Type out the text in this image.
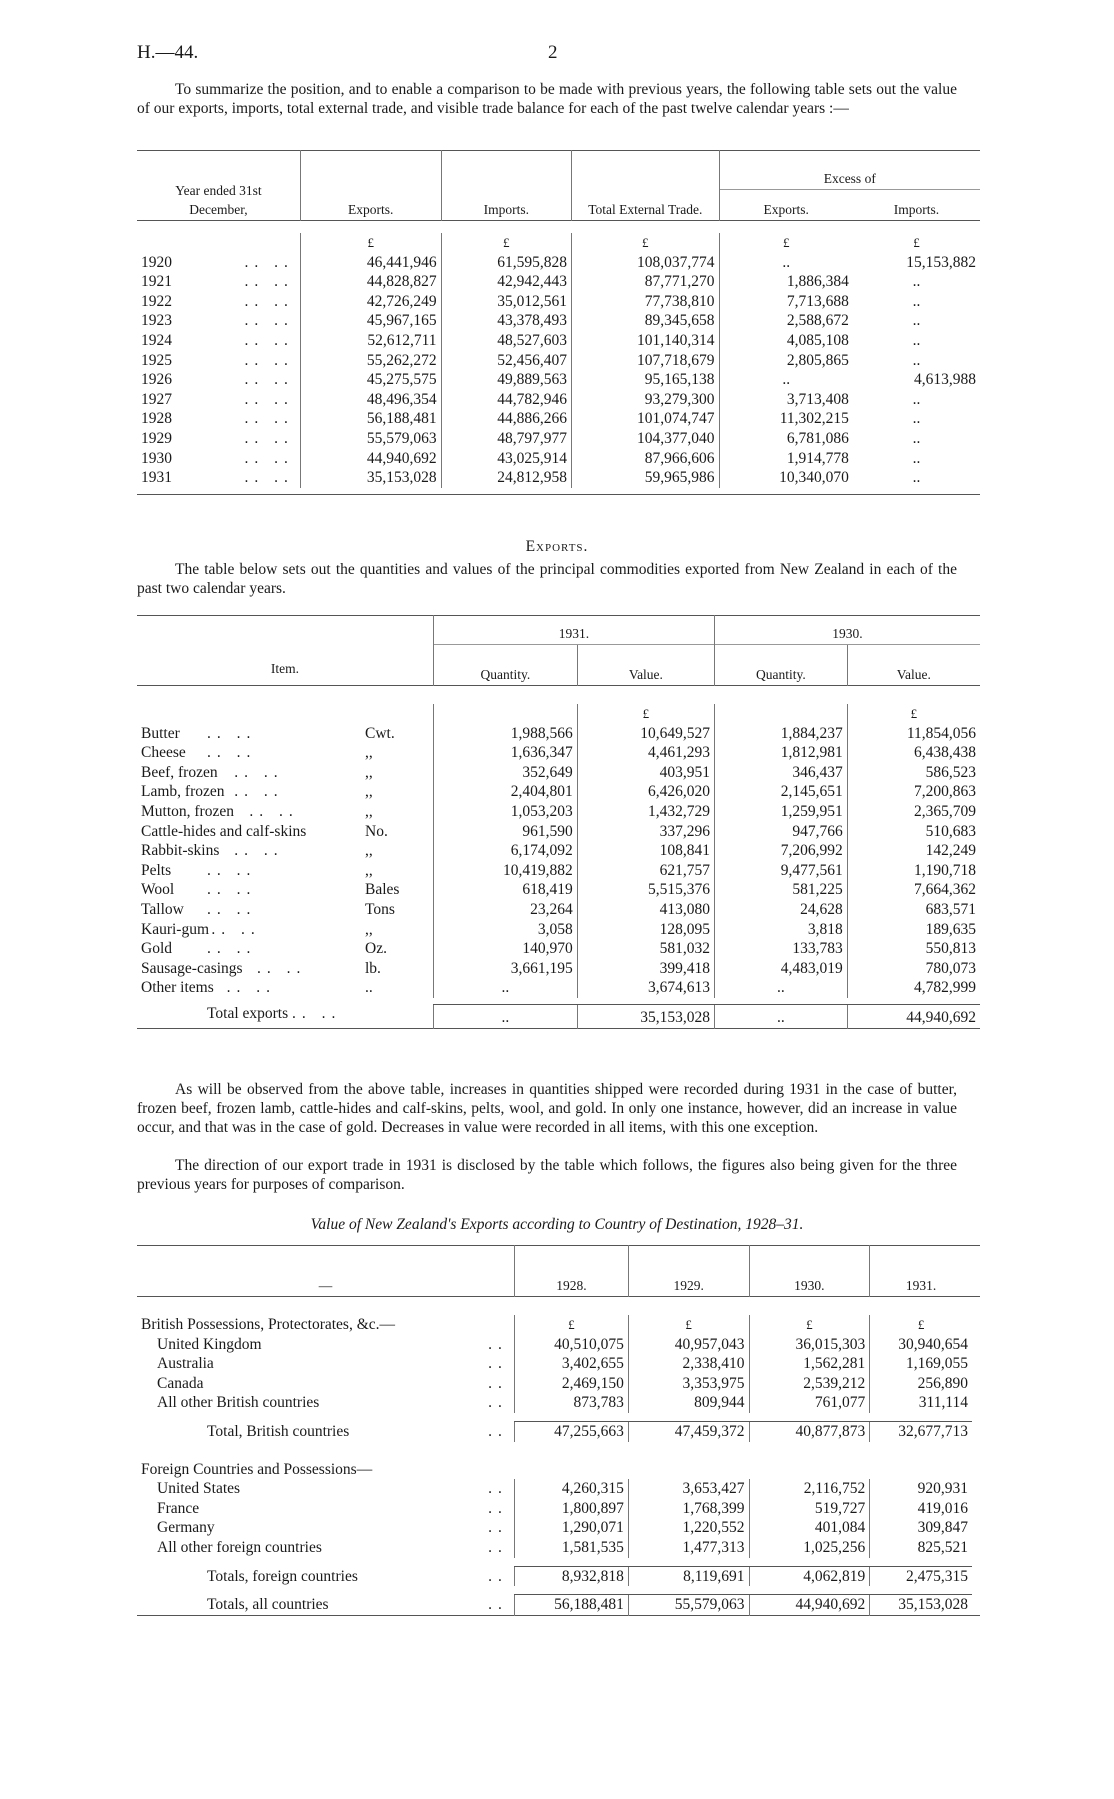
H.—44.	2
To summarize the position, and to enable a comparison to be made with previous years, the following table sets out the value of our exports, imports, total external trade, and visible trade balance for each of the past twelve calendar years :—
Year ended 31st December,	Exports.	Imports.	Total External Trade.	Excess of	
				Exports.	Imports.

	£	£	£	£	£
1920 .. ..	46,441,946	61,595,828	108,037,774	..	15,153,882
1921 .. ..	44,828,827	42,942,443	87,771,270	1,886,384	..
1922 .. ..	42,726,249	35,012,561	77,738,810	7,713,688	..
1923 .. ..	45,967,165	43,378,493	89,345,658	2,588,672	..
1924 .. ..	52,612,711	48,527,603	101,140,314	4,085,108	..
1925 .. ..	55,262,272	52,456,407	107,718,679	2,805,865	..
1926 .. ..	45,275,575	49,889,563	95,165,138	..	4,613,988
1927 .. ..	48,496,354	44,782,946	93,279,300	3,713,408	..
1928 .. ..	56,188,481	44,886,266	101,074,747	11,302,215	..
1929 .. ..	55,579,063	48,797,977	104,377,040	6,781,086	..
1930 .. ..	44,940,692	43,025,914	87,966,606	1,914,778	..
1931 .. ..	35,153,028	24,812,958	59,965,986	10,340,070	..

Exports.
The table below sets out the quantities and values of the principal commodities exported from New Zealand in each of the past two calendar years.
Item.	1931.		1930.	
	Quantity.	Value.	Quantity.	Value.

		£		£
Butter .. .. Cwt.	1,988,566	10,649,527	1,884,237	11,854,056
Cheese .. .. ,,	1,636,347	4,461,293	1,812,981	6,438,438
Beef, frozen .. .. ,,	352,649	403,951	346,437	586,523
Lamb, frozen .. .. ,,	2,404,801	6,426,020	2,145,651	7,200,863
Mutton, frozen .. .. ,,	1,053,203	1,432,729	1,259,951	2,365,709
Cattle-hides and calf-skins No.	961,590	337,296	947,766	510,683
Rabbit-skins .. .. ,,	6,174,092	108,841	7,206,992	142,249
Pelts .. .. ,,	10,419,882	621,757	9,477,561	1,190,718
Wool .. .. Bales	618,419	5,515,376	581,225	7,664,362
Tallow .. .. Tons	23,264	413,080	24,628	683,571
Kauri-gum .. .. ,,	3,058	128,095	3,818	189,635
Gold .. .. Oz.	140,970	581,032	133,783	550,813
Sausage-casings .. .. lb.	3,661,195	399,418	4,483,019	780,073
Other items .. .. ..	..	3,674,613	..	4,782,999

Total exports .. ..	..	35,153,028	..	44,940,692
As will be observed from the above table, increases in quantities shipped were recorded during 1931 in the case of butter, frozen beef, frozen lamb, cattle-hides and calf-skins, pelts, wool, and gold. In only one instance, however, did an increase in value occur, and that was in the case of gold. Decreases in value were recorded in all items, with this one exception.
The direction of our export trade in 1931 is disclosed by the table which follows, the figures also being given for the three previous years for purposes of comparison.
Value of New Zealand's Exports according to Country of Destination, 1928–31.
—	1928.	1929.	1930.	1931.	

British Possessions, Protectorates, &c.—	£	£	£	£	
United Kingdom ..	40,510,075	40,957,043	36,015,303	30,940,654	
Australia ..	3,402,655	2,338,410	1,562,281	1,169,055	
Canada ..	2,469,150	3,353,975	2,539,212	256,890	
All other British countries ..	873,783	809,944	761,077	311,114	

Total, British countries ..	47,255,663	47,459,372	40,877,873	32,677,713	

Foreign Countries and Possessions—					
United States ..	4,260,315	3,653,427	2,116,752	920,931	
France ..	1,800,897	1,768,399	519,727	419,016	
Germany ..	1,290,071	1,220,552	401,084	309,847	
All other foreign countries ..	1,581,535	1,477,313	1,025,256	825,521	

Totals, foreign countries ..	8,932,818	8,119,691	4,062,819	2,475,315	

Totals, all countries ..	56,188,481	55,579,063	44,940,692	35,153,028	
